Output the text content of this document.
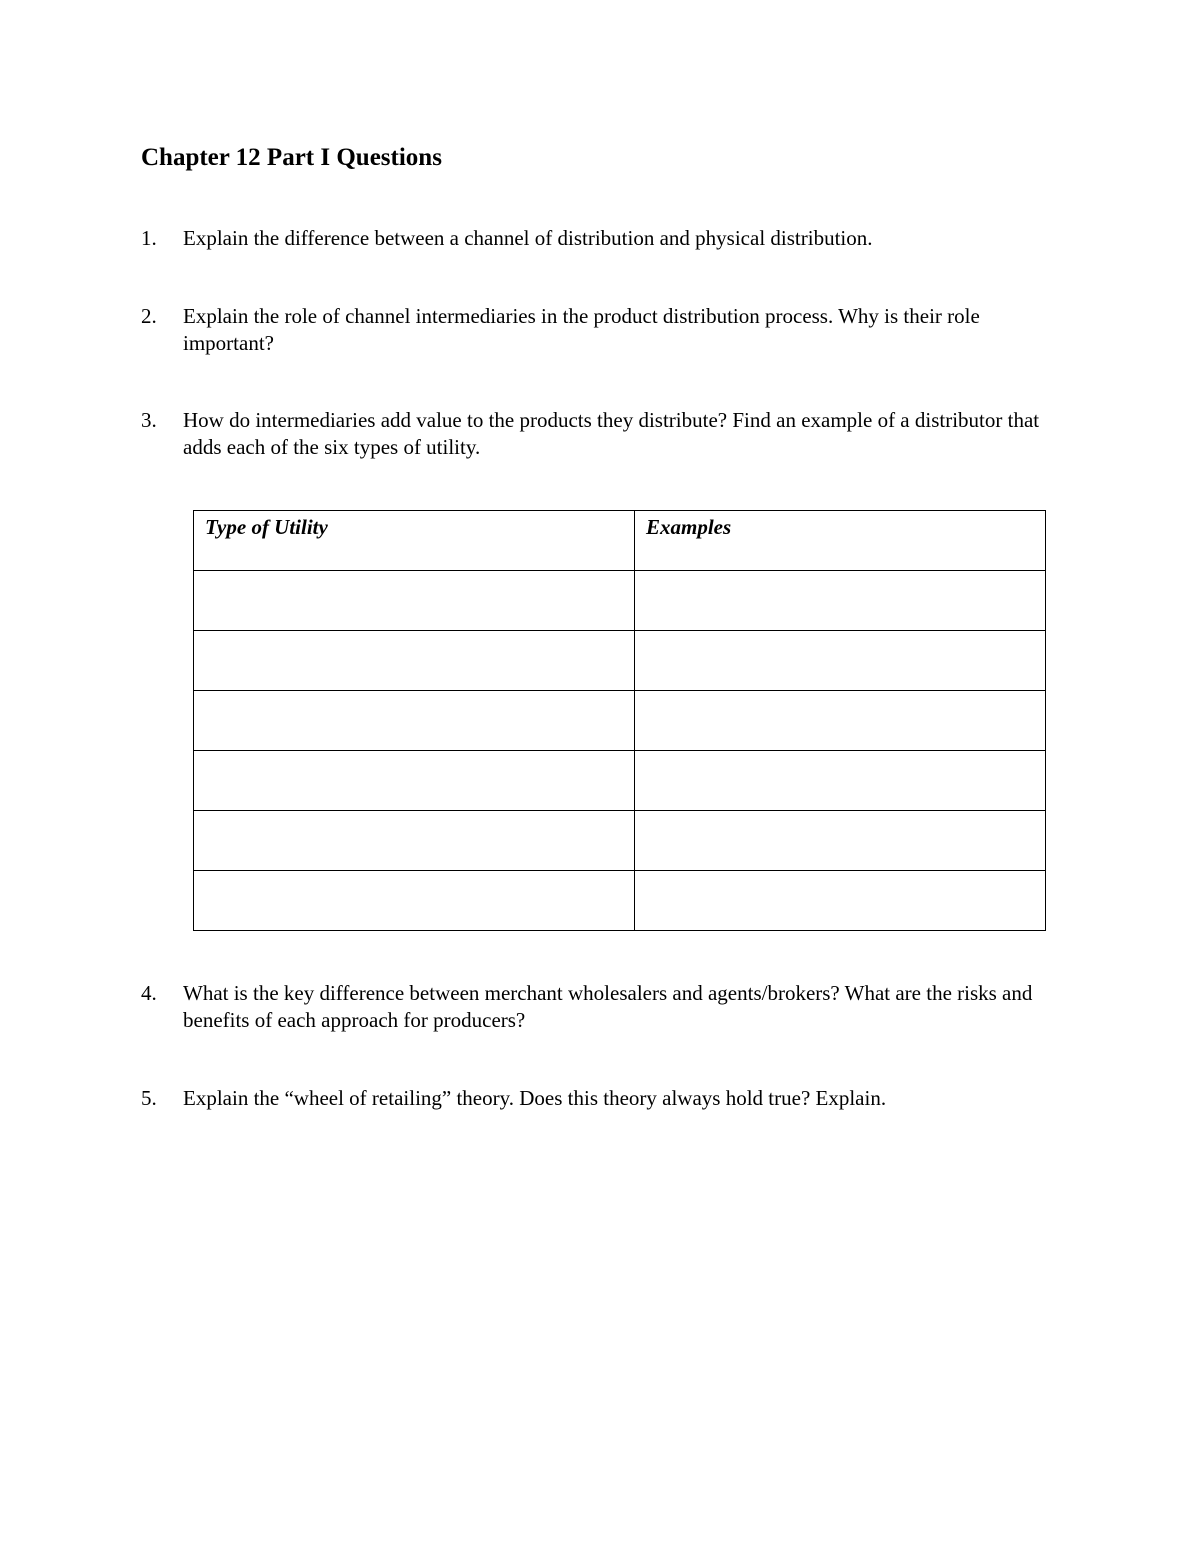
Chapter 12 Part I Questions
1.	Explain the difference between a channel of distribution and physical distribution.
2.	Explain the role of channel intermediaries in the product distribution process. Why is their role important?
3.	How do intermediaries add value to the products they distribute? Find an example of a distributor that adds each of the six types of utility.
Type of Utility	Examples

4.	What is the key difference between merchant wholesalers and agents/brokers? What are the risks and benefits of each approach for producers?
5.	Explain the “wheel of retailing” theory. Does this theory always hold true? Explain.
